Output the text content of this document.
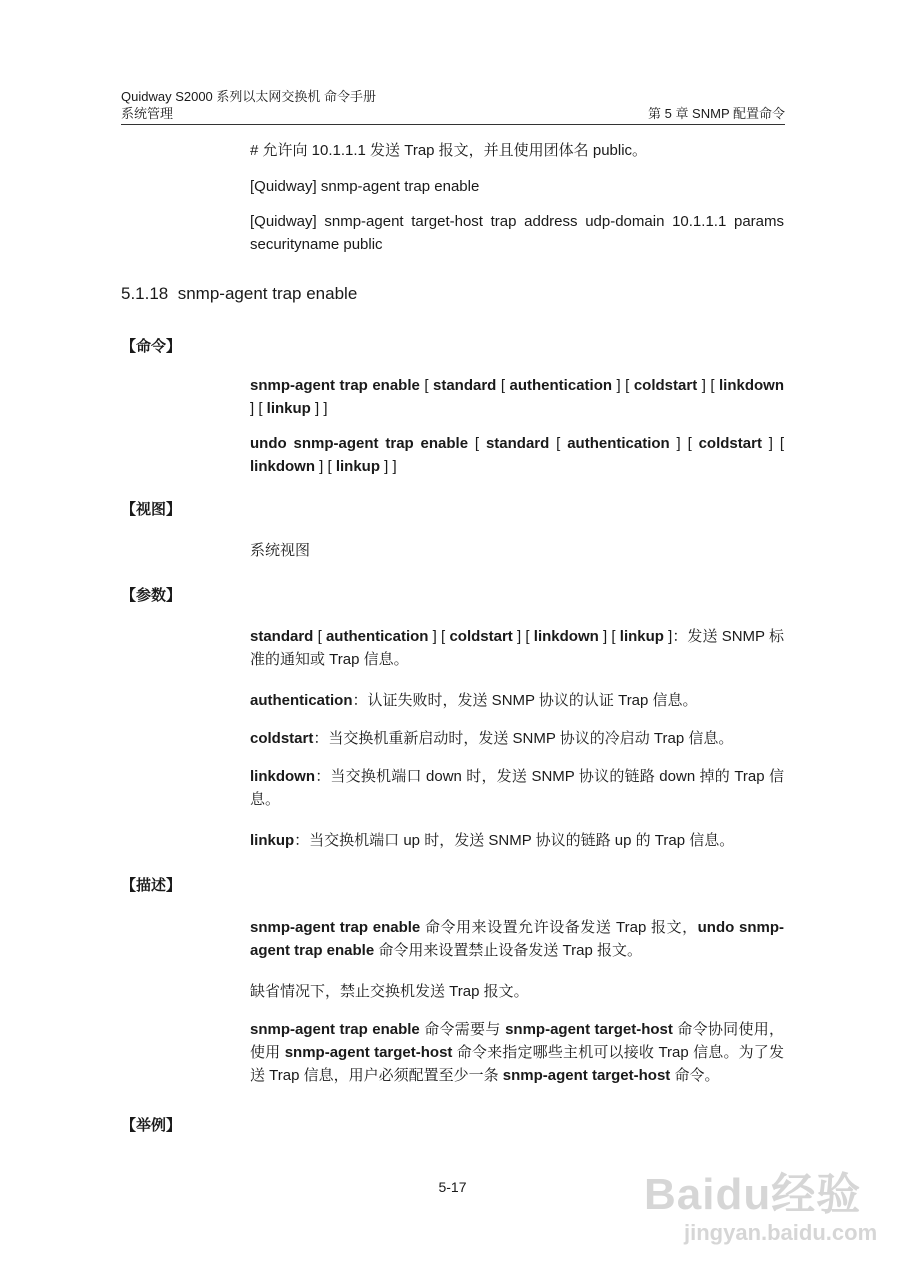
Quidway S2000 系列以太网交换机 命令手册
系统管理	第 5 章 SNMP 配置命令
# 允许向 10.1.1.1 发送 Trap 报文，并且使用团体名 public。
[Quidway] snmp-agent trap enable
[Quidway] snmp-agent target-host trap address udp-domain 10.1.1.1 params securityname public
5.1.18 snmp-agent trap enable
【命令】
snmp-agent trap enable [ standard [ authentication ] [ coldstart ] [ linkdown ] [ linkup ] ]
undo snmp-agent trap enable [ standard [ authentication ] [ coldstart ] [ linkdown ] [ linkup ] ]
【视图】
系统视图
【参数】
standard [ authentication ] [ coldstart ] [ linkdown ] [ linkup ]：发送 SNMP 标准的通知或 Trap 信息。
authentication：认证失败时，发送 SNMP 协议的认证 Trap 信息。
coldstart：当交换机重新启动时，发送 SNMP 协议的冷启动 Trap 信息。
linkdown：当交换机端口 down 时，发送 SNMP 协议的链路 down 掉的 Trap 信息。
linkup：当交换机端口 up 时，发送 SNMP 协议的链路 up 的 Trap 信息。
【描述】
snmp-agent trap enable 命令用来设置允许设备发送 Trap 报文，undo snmp-agent trap enable 命令用来设置禁止设备发送 Trap 报文。
缺省情况下，禁止交换机发送 Trap 报文。
snmp-agent trap enable 命令需要与 snmp-agent target-host 命令协同使用，使用 snmp-agent target-host 命令来指定哪些主机可以接收 Trap 信息。为了发送 Trap 信息，用户必须配置至少一条 snmp-agent target-host 命令。
【举例】
5-17	Baidu经验
jingyan.baidu.com
